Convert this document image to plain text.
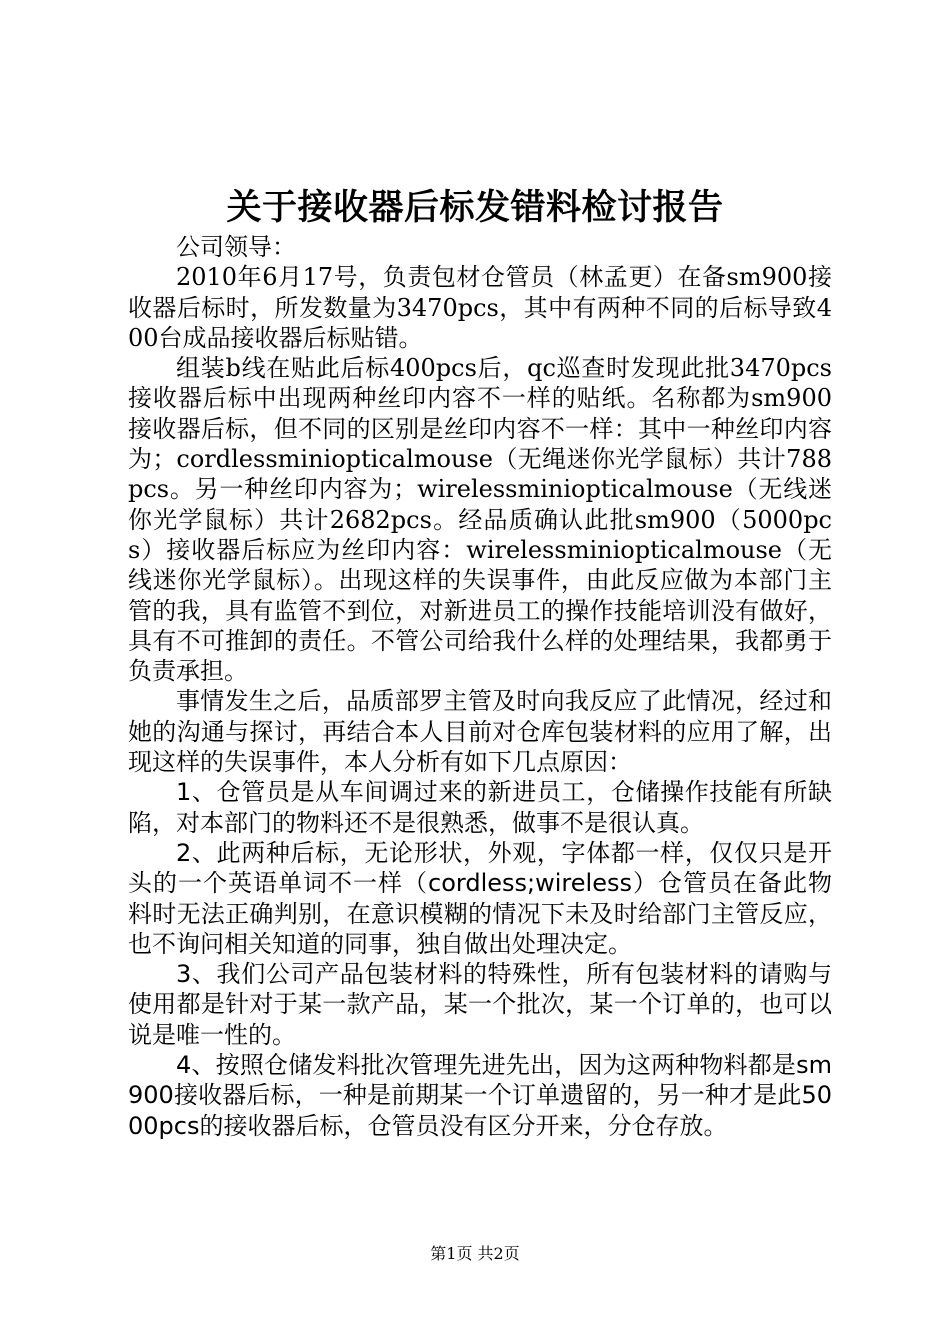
关于接收器后标发错料检讨报告

公司领导：

2010年6月17号，负责包材仓管员（林孟更）在备sm900接收器后标时，所发数量为3470pcs，其中有两种不同的后标导致400台成品接收器后标贴错。

组装b线在贴此后标400pcs后，qc巡查时发现此批3470pcs接收器后标中出现两种丝印内容不一样的贴纸。名称都为sm900接收器后标，但不同的区别是丝印内容不一样：其中一种丝印内容为；cordlessminiopticalmouse（无绳迷你光学鼠标）共计788pcs。另一种丝印内容为；wirelessminiopticalmouse（无线迷你光学鼠标）共计2682pcs。经品质确认此批sm900（5000pcs）接收器后标应为丝印内容：wirelessminiopticalmouse（无线迷你光学鼠标）。出现这样的失误事件，由此反应做为本部门主管的我，具有监管不到位，对新进员工的操作技能培训没有做好，具有不可推卸的责任。不管公司给我什么样的处理结果，我都勇于负责承担。

事情发生之后，品质部罗主管及时向我反应了此情况，经过和她的沟通与探讨，再结合本人目前对仓库包装材料的应用了解，出现这样的失误事件，本人分析有如下几点原因：

1、仓管员是从车间调过来的新进员工，仓储操作技能有所缺陷，对本部门的物料还不是很熟悉，做事不是很认真。

2、此两种后标，无论形状，外观，字体都一样，仅仅只是开头的一个英语单词不一样（cordless;wireless）仓管员在备此物料时无法正确判别，在意识模糊的情况下未及时给部门主管反应，也不询问相关知道的同事，独自做出处理决定。

3、我们公司产品包装材料的特殊性，所有包装材料的请购与使用都是针对于某一款产品，某一个批次，某一个订单的，也可以说是唯一性的。

4、按照仓储发料批次管理先进先出，因为这两种物料都是sm900接收器后标，一种是前期某一个订单遗留的，另一种才是此5000pcs的接收器后标，仓管员没有区分开来，分仓存放。

第1页 共2页
